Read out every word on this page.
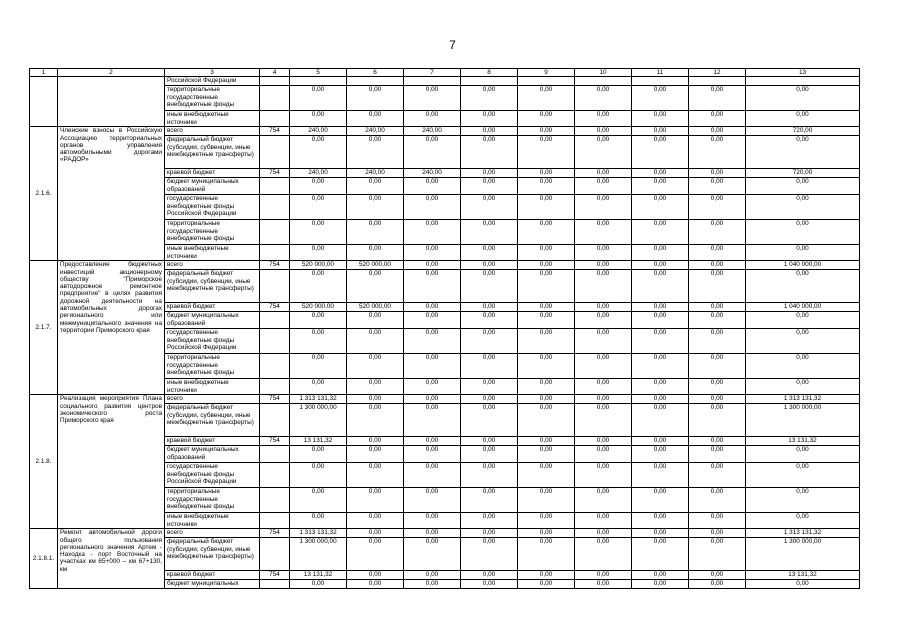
7
1	2	3	4	5	6	7	8	9	10	11	12	13
		Российской Федерации										
		территориальные государственные внебюджетные фонды		0,00	0,00	0,00	0,00	0,00	0,00	0,00	0,00	0,00
		иные внебюджетные источники		0,00	0,00	0,00	0,00	0,00	0,00	0,00	0,00	0,00
2.1.6.	Членские взносы в Российскую Ассоциацию территориальных органов управления автомобильными дорогами «РАДОР»	всего	754	240,00	240,00	240,00	0,00	0,00	0,00	0,00	0,00	720,00
		федеральный бюджет (субсидии, субвенции, иные межбюджетные трансферты)		0,00	0,00	0,00	0,00	0,00	0,00	0,00	0,00	0,00
		краевой бюджет	754	240,00	240,00	240,00	0,00	0,00	0,00	0,00	0,00	720,00
		бюджет муниципальных образований		0,00	0,00	0,00	0,00	0,00	0,00	0,00	0,00	0,00
		государственные внебюджетные фонды Российской Федерации		0,00	0,00	0,00	0,00	0,00	0,00	0,00	0,00	0,00
		территориальные государственные внебюджетные фонды		0,00	0,00	0,00	0,00	0,00	0,00	0,00	0,00	0,00
		иные внебюджетные источники		0,00	0,00	0,00	0,00	0,00	0,00	0,00	0,00	0,00
2.1.7.	Предоставление бюджетных инвестиций акционерному обществу "Приморское автодорожное ремонтное предприятие" в целях развития дорожной деятельности на автомобильных дорогах регионального или межмуниципального значения на территории Приморского края	всего	754	520 000,00	520 000,00	0,00	0,00	0,00	0,00	0,00	0,00	1 040 000,00
		федеральный бюджет (субсидии, субвенции, иные межбюджетные трансферты)		0,00	0,00	0,00	0,00	0,00	0,00	0,00	0,00	0,00
		краевой бюджет	754	520 000,00	520 000,00	0,00	0,00	0,00	0,00	0,00	0,00	1 040 000,00
		бюджет муниципальных образований		0,00	0,00	0,00	0,00	0,00	0,00	0,00	0,00	0,00
		государственные внебюджетные фонды Российской Федерации		0,00	0,00	0,00	0,00	0,00	0,00	0,00	0,00	0,00
		территориальные государственные внебюджетные фонды		0,00	0,00	0,00	0,00	0,00	0,00	0,00	0,00	0,00
		иные внебюджетные источники		0,00	0,00	0,00	0,00	0,00	0,00	0,00	0,00	0,00
2.1.8.	Реализация мероприятия Плана социального развития центров экономического роста Приморского края	всего	754	1 313 131,32	0,00	0,00	0,00	0,00	0,00	0,00	0,00	1 313 131,32
		федеральный бюджет (субсидии, субвенции, иные межбюджетные трансферты)		1 300 000,00	0,00	0,00	0,00	0,00	0,00	0,00	0,00	1 300 000,00
		краевой бюджет	754	13 131,32	0,00	0,00	0,00	0,00	0,00	0,00	0,00	13 131,32
		бюджет муниципальных образований		0,00	0,00	0,00	0,00	0,00	0,00	0,00	0,00	0,00
		государственные внебюджетные фонды Российской Федерации		0,00	0,00	0,00	0,00	0,00	0,00	0,00	0,00	0,00
		территориальные государственные внебюджетные фонды		0,00	0,00	0,00	0,00	0,00	0,00	0,00	0,00	0,00
		иные внебюджетные источники		0,00	0,00	0,00	0,00	0,00	0,00	0,00	0,00	0,00
2.1.8.1.	Ремонт автомобильной дороги общего пользования регионального значения Артем - Находка - порт Восточный на участках км 65+000 – км 67+130, км	всего	754	1 313 131,32	0,00	0,00	0,00	0,00	0,00	0,00	0,00	1 313 131,32
		федеральный бюджет (субсидии, субвенции, иные межбюджетные трансферты)		1 300 000,00	0,00	0,00	0,00	0,00	0,00	0,00	0,00	1 300 000,00
		краевой бюджет	754	13 131,32	0,00	0,00	0,00	0,00	0,00	0,00	0,00	13 131,32
		бюджет муниципальных		0,00	0,00	0,00	0,00	0,00	0,00	0,00	0,00	0,00
